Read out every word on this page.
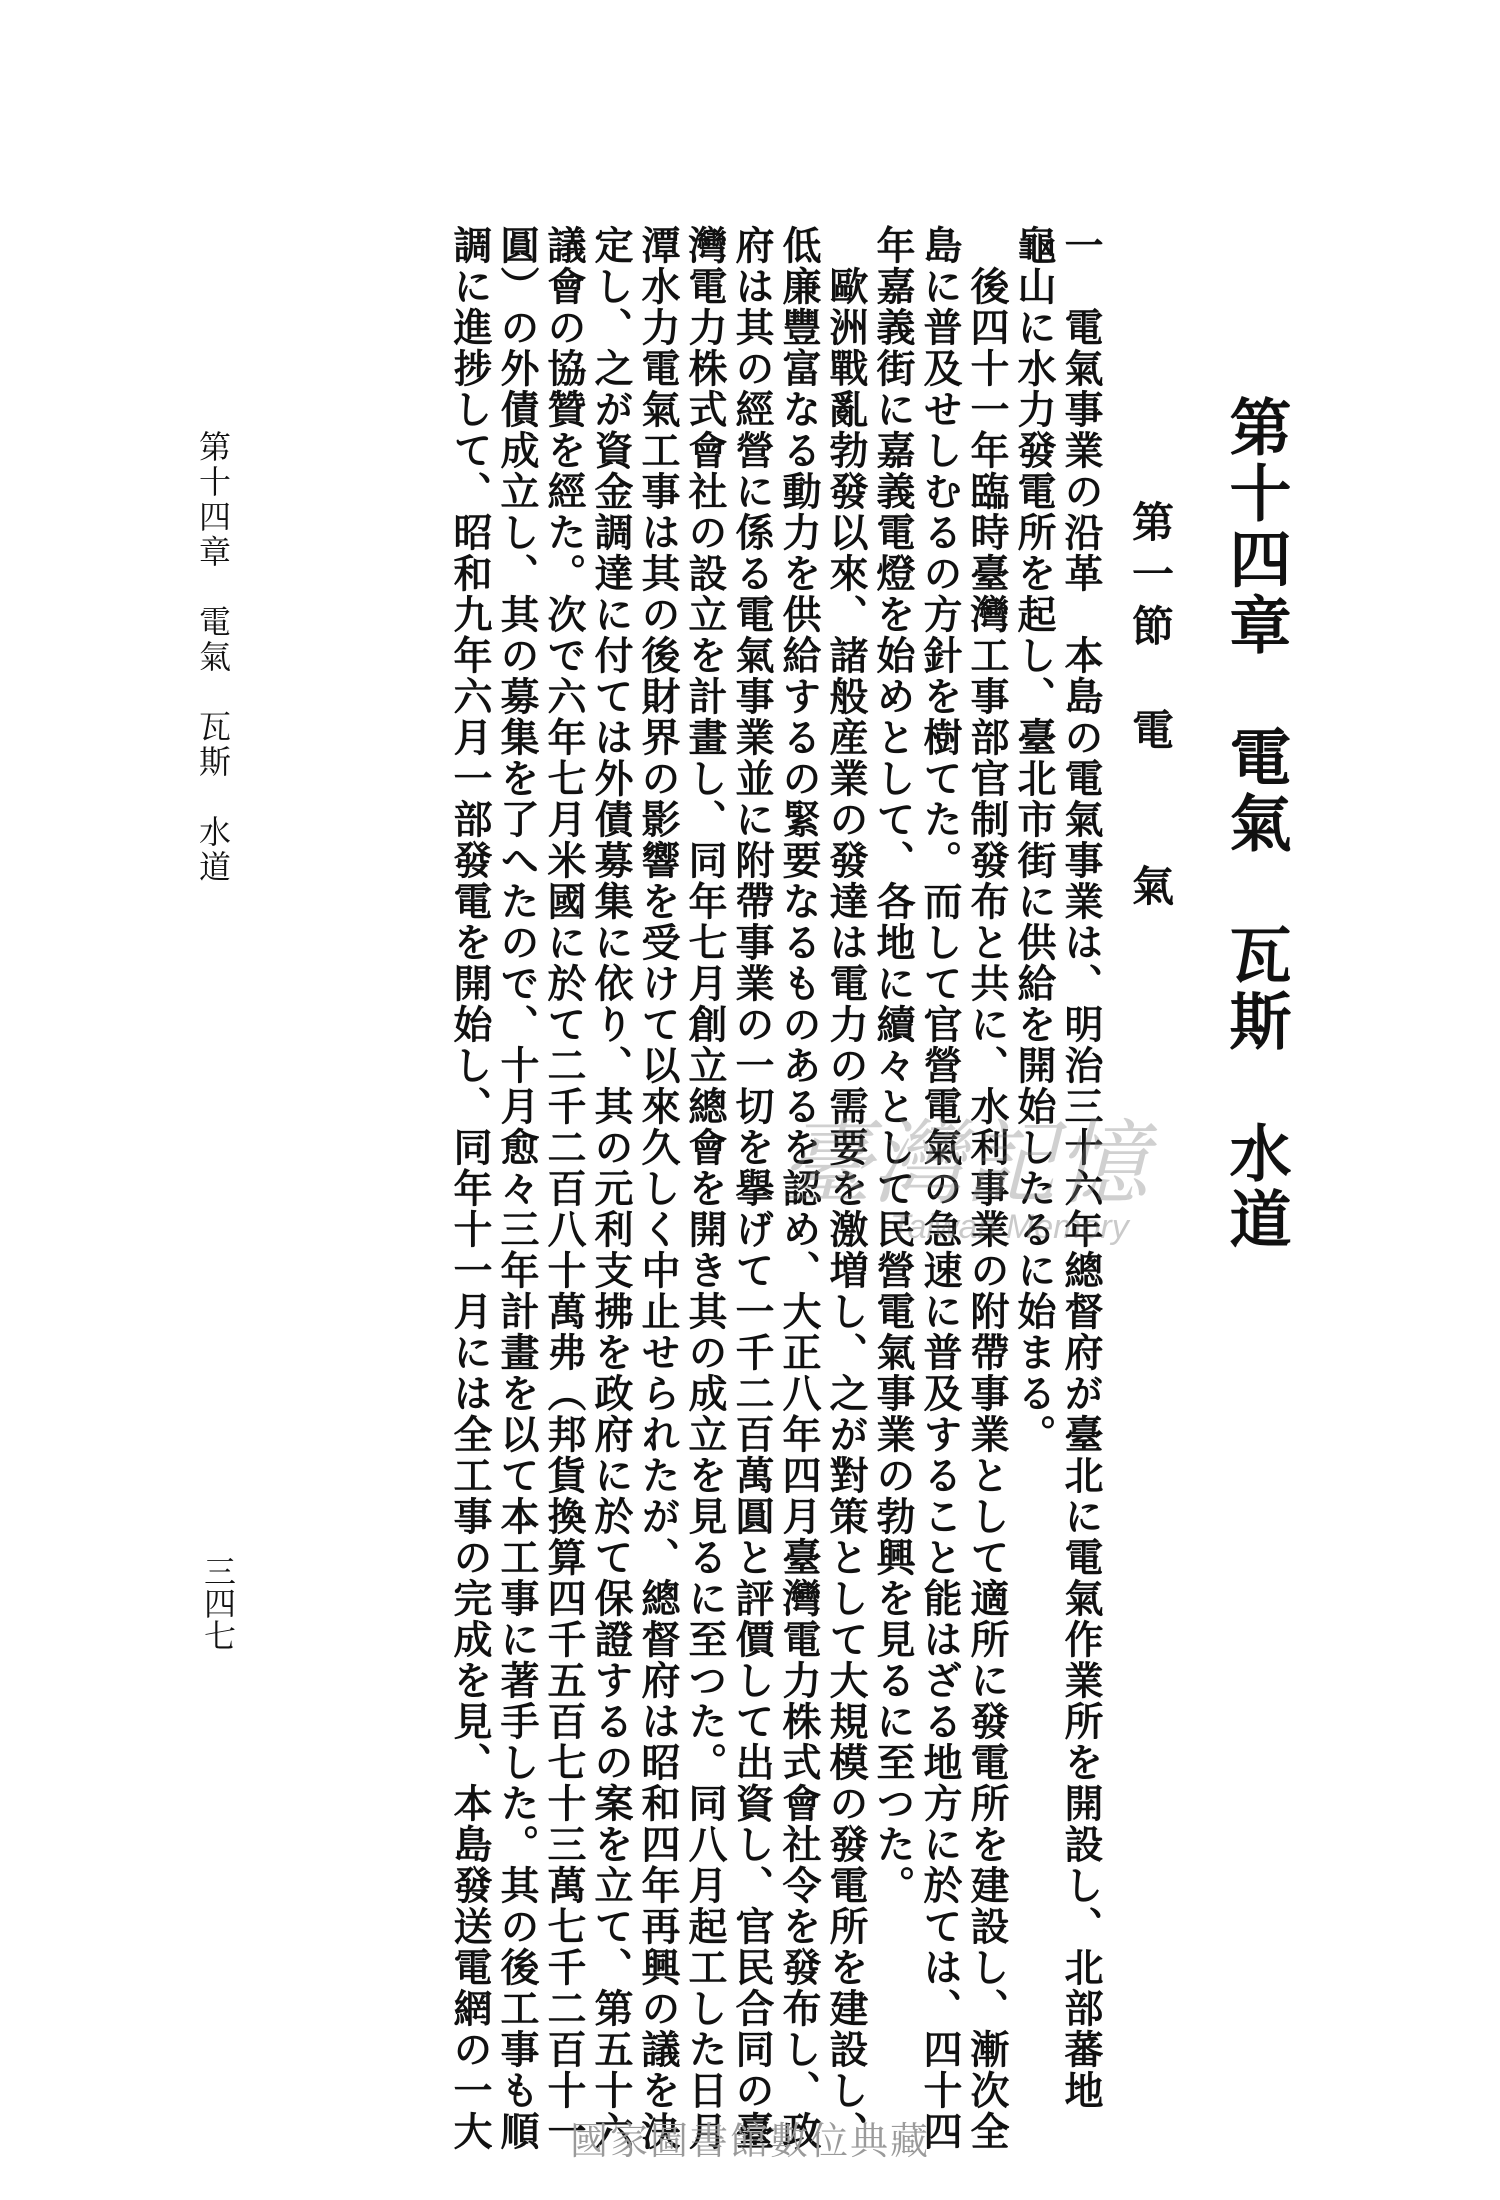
第十四章　電氣　瓦斯　水道
第一節　電　　氣
一　電氣事業の沿革　本島の電氣事業は、明治三十六年總督府が臺北に電氣作業所を開設し、北部蕃地
龜山に水力發電所を起し、臺北市街に供給を開始したるに始まる。
　後四十一年臨時臺灣工事部官制發布と共に、水利事業の附帶事業として適所に發電所を建設し、漸次全
島に普及せしむるの方針を樹てた。而して官營電氣の急速に普及すること能はざる地方に於ては、四十四
年嘉義街に嘉義電燈を始めとして、各地に續々として民營電氣事業の勃興を見るに至つた。
　歐洲戰亂勃發以來、諸般産業の發達は電力の需要を激増し、之が對策として大規模の發電所を建設し、
低廉豐富なる動力を供給するの緊要なるものあるを認め、大正八年四月臺灣電力株式會社令を發布し、政
府は其の經營に係る電氣事業並に附帶事業の一切を擧げて一千二百萬圓と評價して出資し、官民合同の臺
灣電力株式會社の設立を計畫し、同年七月創立總會を開き其の成立を見るに至つた。同八月起工した日月
潭水力電氣工事は其の後財界の影響を受けて以來久しく中止せられたが、總督府は昭和四年再興の議を決
定し、之が資金調達に付ては外債募集に依り、其の元利支拂を政府に於て保證するの案を立て、第五十六
議會の協贊を經た。次で六年七月米國に於て二千二百八十萬弗（邦貨換算四千五百七十三萬七千二百十一
圓）の外債成立し、其の募集を了へたので、十月愈々三年計畫を以て本工事に著手した。其の後工事も順
調に進捗して、昭和九年六月一部發電を開始し、同年十一月には全工事の完成を見、本島發送電網の一大
第十四章　電氣　瓦斯　水道
三四七
臺灣記憶
Taiwan Memory
國家圖書館數位典藏
